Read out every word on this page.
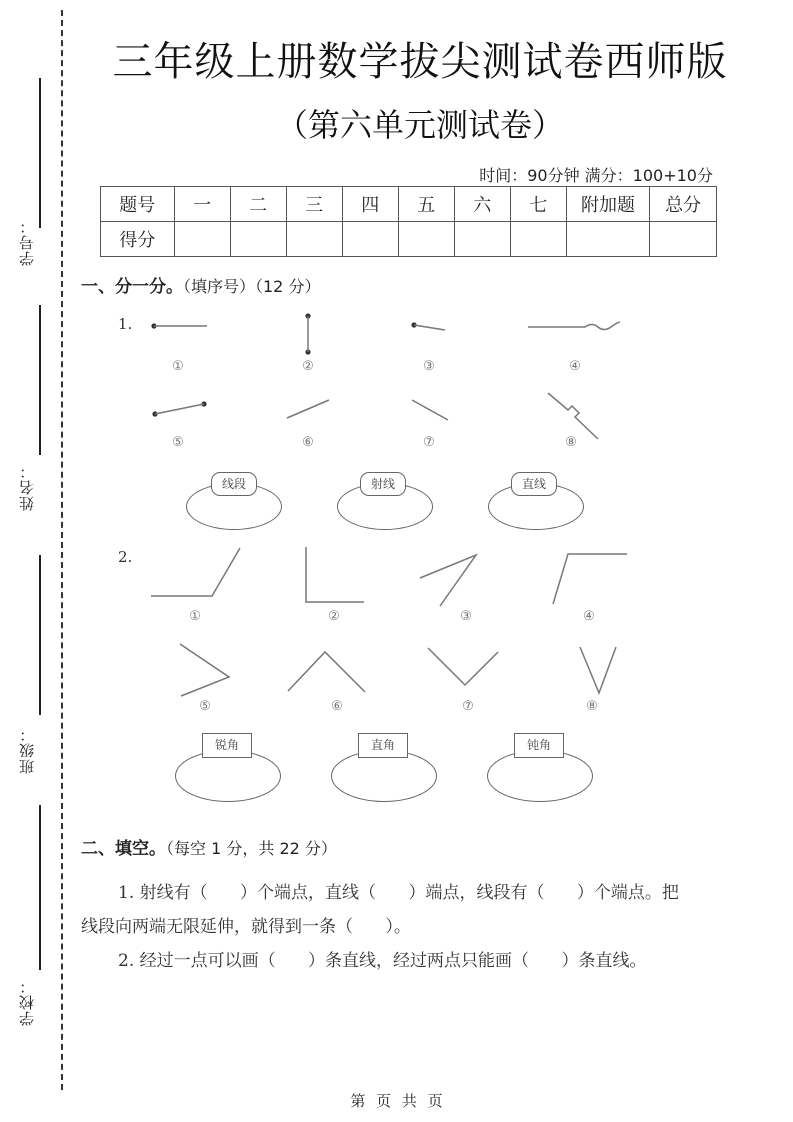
学号：
姓名：
班级：
学校：
三年级上册数学拔尖测试卷西师版
（第六单元测试卷）
时间：90分钟 满分：100+10分
题号	一	二	三	四	五	六	七	附加题	总分
得分									
一、分一分。（填序号）（12 分）
1.
①	②	③	④
⑤	⑥	⑦	⑧
线段	射线	直线
2.
①	②	③	④
⑤	⑥	⑦	⑧
锐角	直角	钝角
二、填空。（每空 1 分，共 22 分）
1. 射线有（      ）个端点，直线（      ）端点，线段有（      ）个端点。把
线段向两端无限延伸，就得到一条（      ）。
2. 经过一点可以画（      ）条直线，经过两点只能画（      ）条直线。
第 页 共 页
